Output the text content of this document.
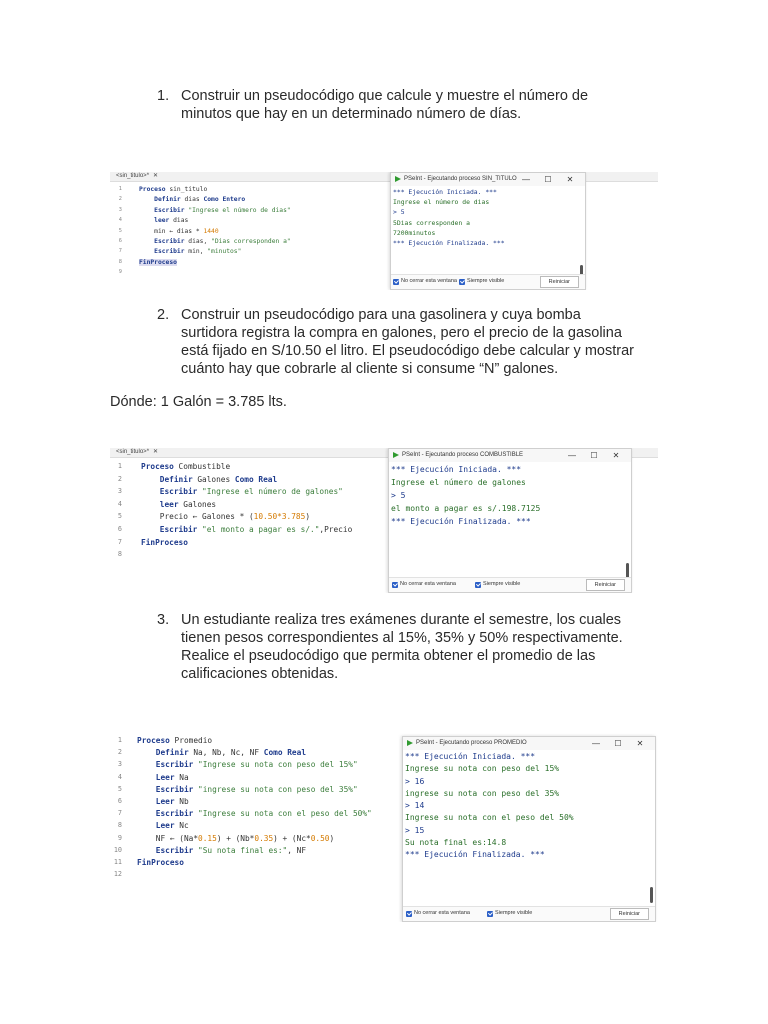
1. Construir un pseudocódigo que calcule y muestre el número de
minutos que hay en un determinado número de días.
<sin_titulo>* ✕
1	Proceso sin_titulo
2	Definir dias Como Entero
3	Escribir "Ingrese el número de dias"
4	leer dias
5	min ← dias * 1440
6	Escribir dias, "Dias corresponden a"
7	Escribir min, "minutos"
8	FinProceso
9
PSeInt - Ejecutando proceso SIN_TITULO — ☐ ✕
*** Ejecución Iniciada. ***
Ingrese el número de dias
> 5
5Dias corresponden a
7200minutos
*** Ejecución Finalizada. ***
No cerrar esta ventana Siempre visible	Reiniciar
2. Construir un pseudocódigo para una gasolinera y cuya bomba
surtidora registra la compra en galones, pero el precio de la gasolina
está fijado en S/10.50 el litro. El pseudocódigo debe calcular y mostrar
cuánto hay que cobrarle al cliente si consume “N” galones.
Dónde: 1 Galón = 3.785 lts.
<sin_titulo>* ✕
1 Proceso Combustible
2	Definir Galones Como Real
3	Escribir "Ingrese el número de galones"
4	leer Galones
5 Precio ← Galones * (10.50*3.785)
6	Escribir "el monto a pagar es s/.",Precio
7 FinProceso
8
PSeInt - Ejecutando proceso COMBUSTIBLE	— ☐ ✕
*** Ejecución Iniciada. ***
Ingrese el número de galones
> 5
el monto a pagar es s/.198.7125
*** Ejecución Finalizada. ***
No cerrar esta ventana	Siempre visible	Reiniciar
3. Un estudiante realiza tres exámenes durante el semestre, los cuales
tienen pesos correspondientes al 15%, 35% y 50% respectivamente.
Realice el pseudocódigo que permita obtener el promedio de las
calificaciones obtenidas.
1 Proceso Promedio
2	Definir Na, Nb, Nc, NF Como Real
3	Escribir "Ingrese su nota con peso del 15%"
4	Leer Na
5	Escribir "ingrese su nota con peso del 35%"
6	Leer Nb
7	Escribir "Ingrese su nota con el peso del 50%"
8	Leer Nc
9 NF ← (Na*0.15) + (Nb*0.35) + (Nc*0.50)
10	Escribir "Su nota final es:", NF
11 FinProceso
12
PSeInt - Ejecutando proceso PROMEDIO	— ☐ ✕
*** Ejecución Iniciada. ***
Ingrese su nota con peso del 15%
> 16
ingrese su nota con peso del 35%
> 14
Ingrese su nota con el peso del 50%
> 15
Su nota final es:14.8
*** Ejecución Finalizada. ***
No cerrar esta ventana	Siempre visible	Reiniciar
